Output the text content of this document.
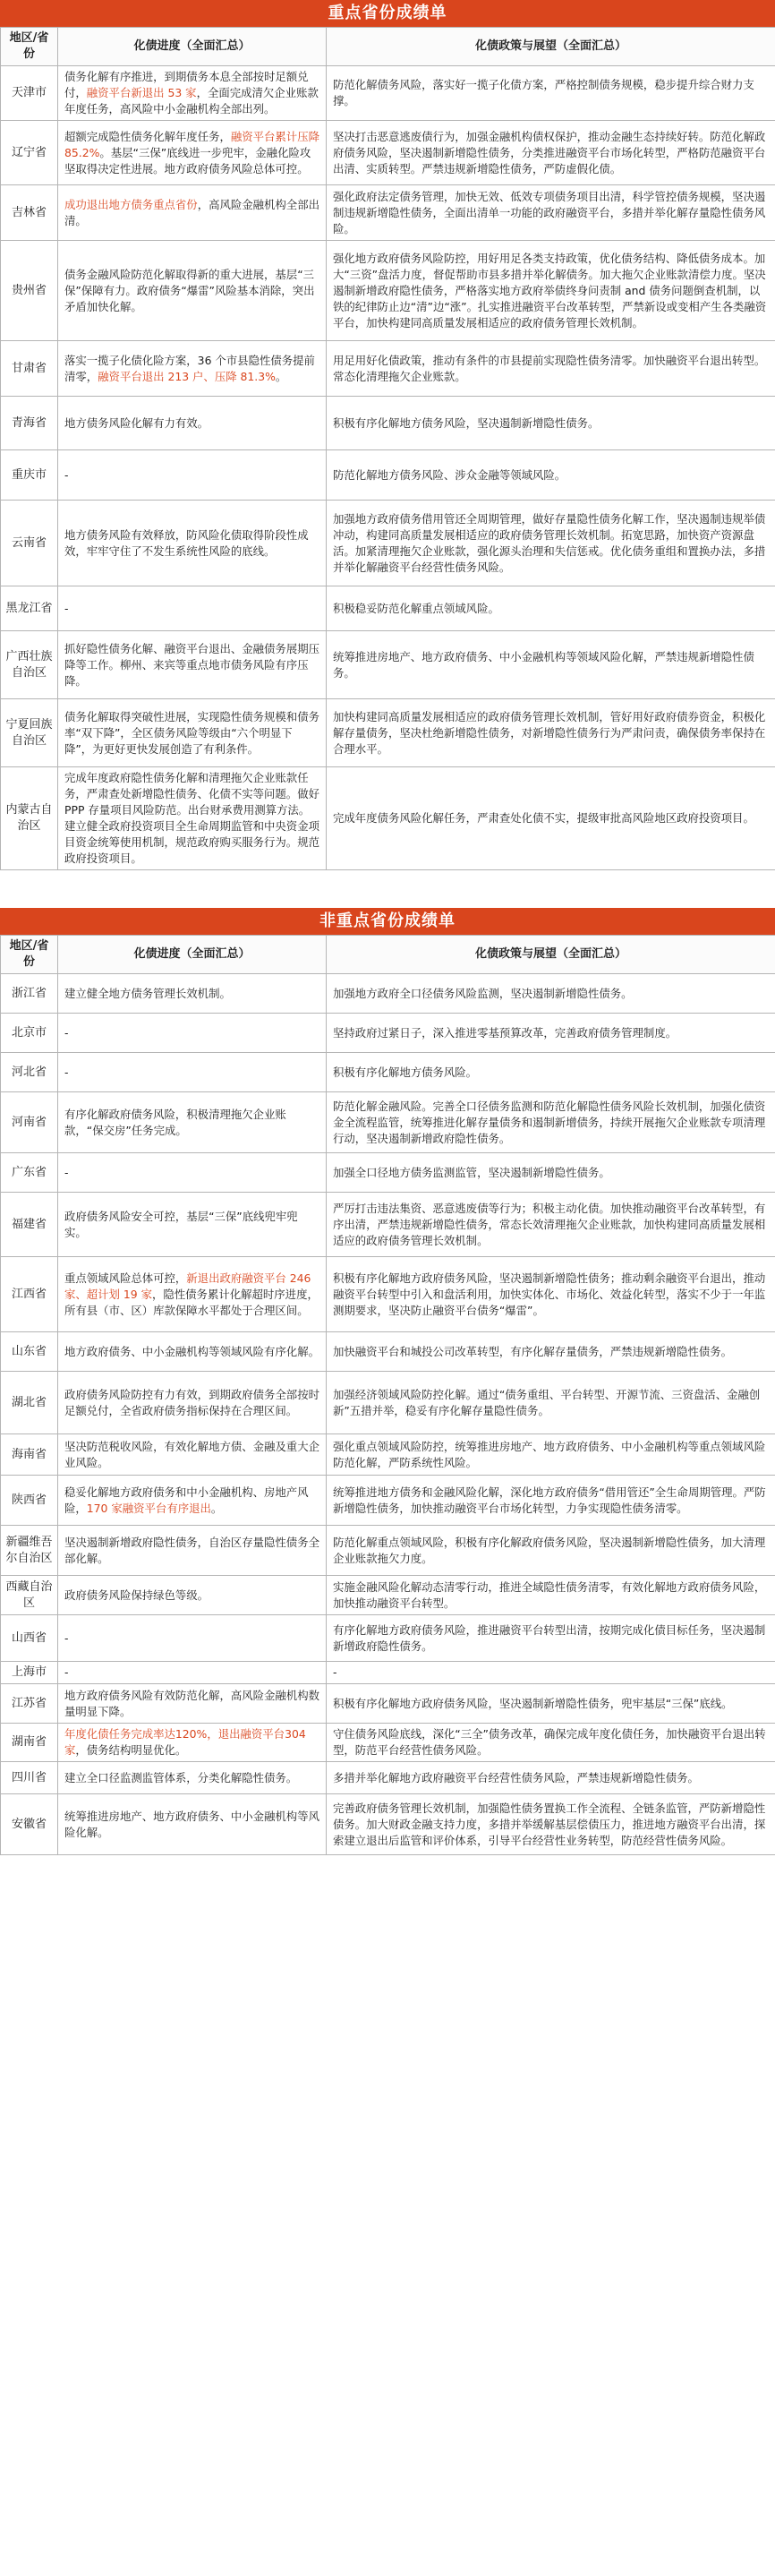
重点省份成绩单
地区/省份	化债进度（全面汇总）	化债政策与展望（全面汇总）
天津市	债务化解有序推进，到期债务本息全部按时足额兑付，融资平台新退出 53 家，全面完成清欠企业账款年度任务，高风险中小金融机构全部出列。	防范化解债务风险，落实好一揽子化债方案，严格控制债务规模，稳步提升综合财力支撑。
辽宁省	超额完成隐性债务化解年度任务，融资平台累计压降 85.2%。基层“三保”底线进一步兜牢，金融化险攻坚取得决定性进展。地方政府债务风险总体可控。	坚决打击恶意逃废债行为，加强金融机构债权保护，推动金融生态持续好转。防范化解政府债务风险，坚决遏制新增隐性债务，分类推进融资平台市场化转型，严格防范融资平台出清、实质转型。严禁违规新增隐性债务，严防虚假化债。
吉林省	成功退出地方债务重点省份，高风险金融机构全部出清。	强化政府法定债务管理，加快无效、低效专项债务项目出清，科学管控债务规模，坚决遏制违规新增隐性债务，全面出清单一功能的政府融资平台，多措并举化解存量隐性债务风险。
贵州省	债务金融风险防范化解取得新的重大进展，基层“三保”保障有力。政府债务“爆雷”风险基本消除，突出矛盾加快化解。	强化地方政府债务风险防控，用好用足各类支持政策，优化债务结构、降低债务成本。加大“三资”盘活力度，督促帮助市县多措并举化解债务。加大拖欠企业账款清偿力度。坚决遏制新增政府隐性债务，严格落实地方政府举债终身问责制 and 债务问题倒查机制，以铁的纪律防止边“清”边“涨”。扎实推进融资平台改革转型，严禁新设或变相产生各类融资平台，加快构建同高质量发展相适应的政府债务管理长效机制。
甘肃省	落实一揽子化债化险方案，36 个市县隐性债务提前清零，融资平台退出 213 户、压降 81.3%。	用足用好化债政策，推动有条件的市县提前实现隐性债务清零。加快融资平台退出转型。常态化清理拖欠企业账款。
青海省	地方债务风险化解有力有效。	积极有序化解地方债务风险，坚决遏制新增隐性债务。
重庆市	-	防范化解地方债务风险、涉众金融等领域风险。
云南省	地方债务风险有效释放，防风险化债取得阶段性成效，牢牢守住了不发生系统性风险的底线。	加强地方政府债务借用管还全周期管理，做好存量隐性债务化解工作，坚决遏制违规举债冲动，构建同高质量发展相适应的政府债务管理长效机制。拓宽思路，加快资产资源盘活。加紧清理拖欠企业账款，强化源头治理和失信惩戒。优化债务重组和置换办法，多措并举化解融资平台经营性债务风险。
黑龙江省	-	积极稳妥防范化解重点领域风险。
广西壮族自治区	抓好隐性债务化解、融资平台退出、金融债务展期压降等工作。柳州、来宾等重点地市债务风险有序压降。	统筹推进房地产、地方政府债务、中小金融机构等领域风险化解，严禁违规新增隐性债务。
宁夏回族自治区	债务化解取得突破性进展，实现隐性债务规模和债务率“双下降”，全区债务风险等级由“六个明显下降”，为更好更快发展创造了有利条件。	加快构建同高质量发展相适应的政府债务管理长效机制，管好用好政府债券资金，积极化解存量债务，坚决杜绝新增隐性债务，对新增隐性债务行为严肃问责，确保债务率保持在合理水平。
内蒙古自治区	完成年度政府隐性债务化解和清理拖欠企业账款任务，严肃查处新增隐性债务、化债不实等问题。做好 PPP 存量项目风险防范。出台财承费用测算方法。建立健全政府投资项目全生命周期监管和中央资金项目资金统筹使用机制，规范政府购买服务行为。规范政府投资项目。	完成年度债务风险化解任务，严肃查处化债不实，提级审批高风险地区政府投资项目。
非重点省份成绩单
地区/省份	化债进度（全面汇总）	化债政策与展望（全面汇总）
浙江省	建立健全地方债务管理长效机制。	加强地方政府全口径债务风险监测，坚决遏制新增隐性债务。
北京市	-	坚持政府过紧日子，深入推进零基预算改革，完善政府债务管理制度。
河北省	-	积极有序化解地方债务风险。
河南省	有序化解政府债务风险，积极清理拖欠企业账款，“保交房”任务完成。	防范化解金融风险。完善全口径债务监测和防范化解隐性债务风险长效机制，加强化债资金全流程监管，统筹推进化解存量债务和遏制新增债务，持续开展拖欠企业账款专项清理行动，坚决遏制新增政府隐性债务。
广东省	-	加强全口径地方债务监测监管，坚决遏制新增隐性债务。
福建省	政府债务风险安全可控，基层“三保”底线兜牢兜实。	严厉打击违法集资、恶意逃废债等行为；积极主动化债。加快推动融资平台改革转型，有序出清，严禁违规新增隐性债务，常态长效清理拖欠企业账款，加快构建同高质量发展相适应的政府债务管理长效机制。
江西省	重点领域风险总体可控，新退出政府融资平台 246 家、超计划 19 家，隐性债务累计化解超时序进度，所有县（市、区）库款保障水平都处于合理区间。	积极有序化解地方政府债务风险，坚决遏制新增隐性债务；推动剩余融资平台退出，推动融资平台转型中引入和盘活利用，加快实体化、市场化、效益化转型，落实不少于一年监测期要求，坚决防止融资平台债务“爆雷”。
山东省	地方政府债务、中小金融机构等领域风险有序化解。	加快融资平台和城投公司改革转型，有序化解存量债务，严禁违规新增隐性债务。
湖北省	政府债务风险防控有力有效，到期政府债务全部按时足额兑付，全省政府债务指标保持在合理区间。	加强经济领域风险防控化解。通过“债务重组、平台转型、开源节流、三资盘活、金融创新”五措并举，稳妥有序化解存量隐性债务。
海南省	坚决防范税收风险，有效化解地方债、金融及重大企业风险。	强化重点领域风险防控，统筹推进房地产、地方政府债务、中小金融机构等重点领域风险防范化解，严防系统性风险。
陕西省	稳妥化解地方政府债务和中小金融机构、房地产风险，170 家融资平台有序退出。	统筹推进地方债务和金融风险化解，深化地方政府债务“借用管还”全生命周期管理。严防新增隐性债务，加快推动融资平台市场化转型，力争实现隐性债务清零。
新疆维吾尔自治区	坚决遏制新增政府隐性债务，自治区存量隐性债务全部化解。	防范化解重点领域风险，积极有序化解政府债务风险，坚决遏制新增隐性债务，加大清理企业账款拖欠力度。
西藏自治区	政府债务风险保持绿色等级。	实施金融风险化解动态清零行动，推进全域隐性债务清零，有效化解地方政府债务风险，加快推动融资平台转型。
山西省	-	有序化解地方政府债务风险，推进融资平台转型出清，按期完成化债目标任务，坚决遏制新增政府隐性债务。
上海市	-	-
江苏省	地方政府债务风险有效防范化解，高风险金融机构数量明显下降。	积极有序化解地方政府债务风险，坚决遏制新增隐性债务，兜牢基层“三保”底线。
湖南省	年度化债任务完成率达120%，退出融资平台304家，债务结构明显优化。	守住债务风险底线，深化“三全”债务改革，确保完成年度化债任务，加快融资平台退出转型，防范平台经营性债务风险。
四川省	建立全口径监测监管体系，分类化解隐性债务。	多措并举化解地方政府融资平台经营性债务风险，严禁违规新增隐性债务。
安徽省	统筹推进房地产、地方政府债务、中小金融机构等风险化解。	完善政府债务管理长效机制，加强隐性债务置换工作全流程、全链条监管，严防新增隐性债务。加大财政金融支持力度，多措并举缓解基层偿债压力，推进地方融资平台出清，探索建立退出后监管和评价体系，引导平台经营性业务转型，防范经营性债务风险。
